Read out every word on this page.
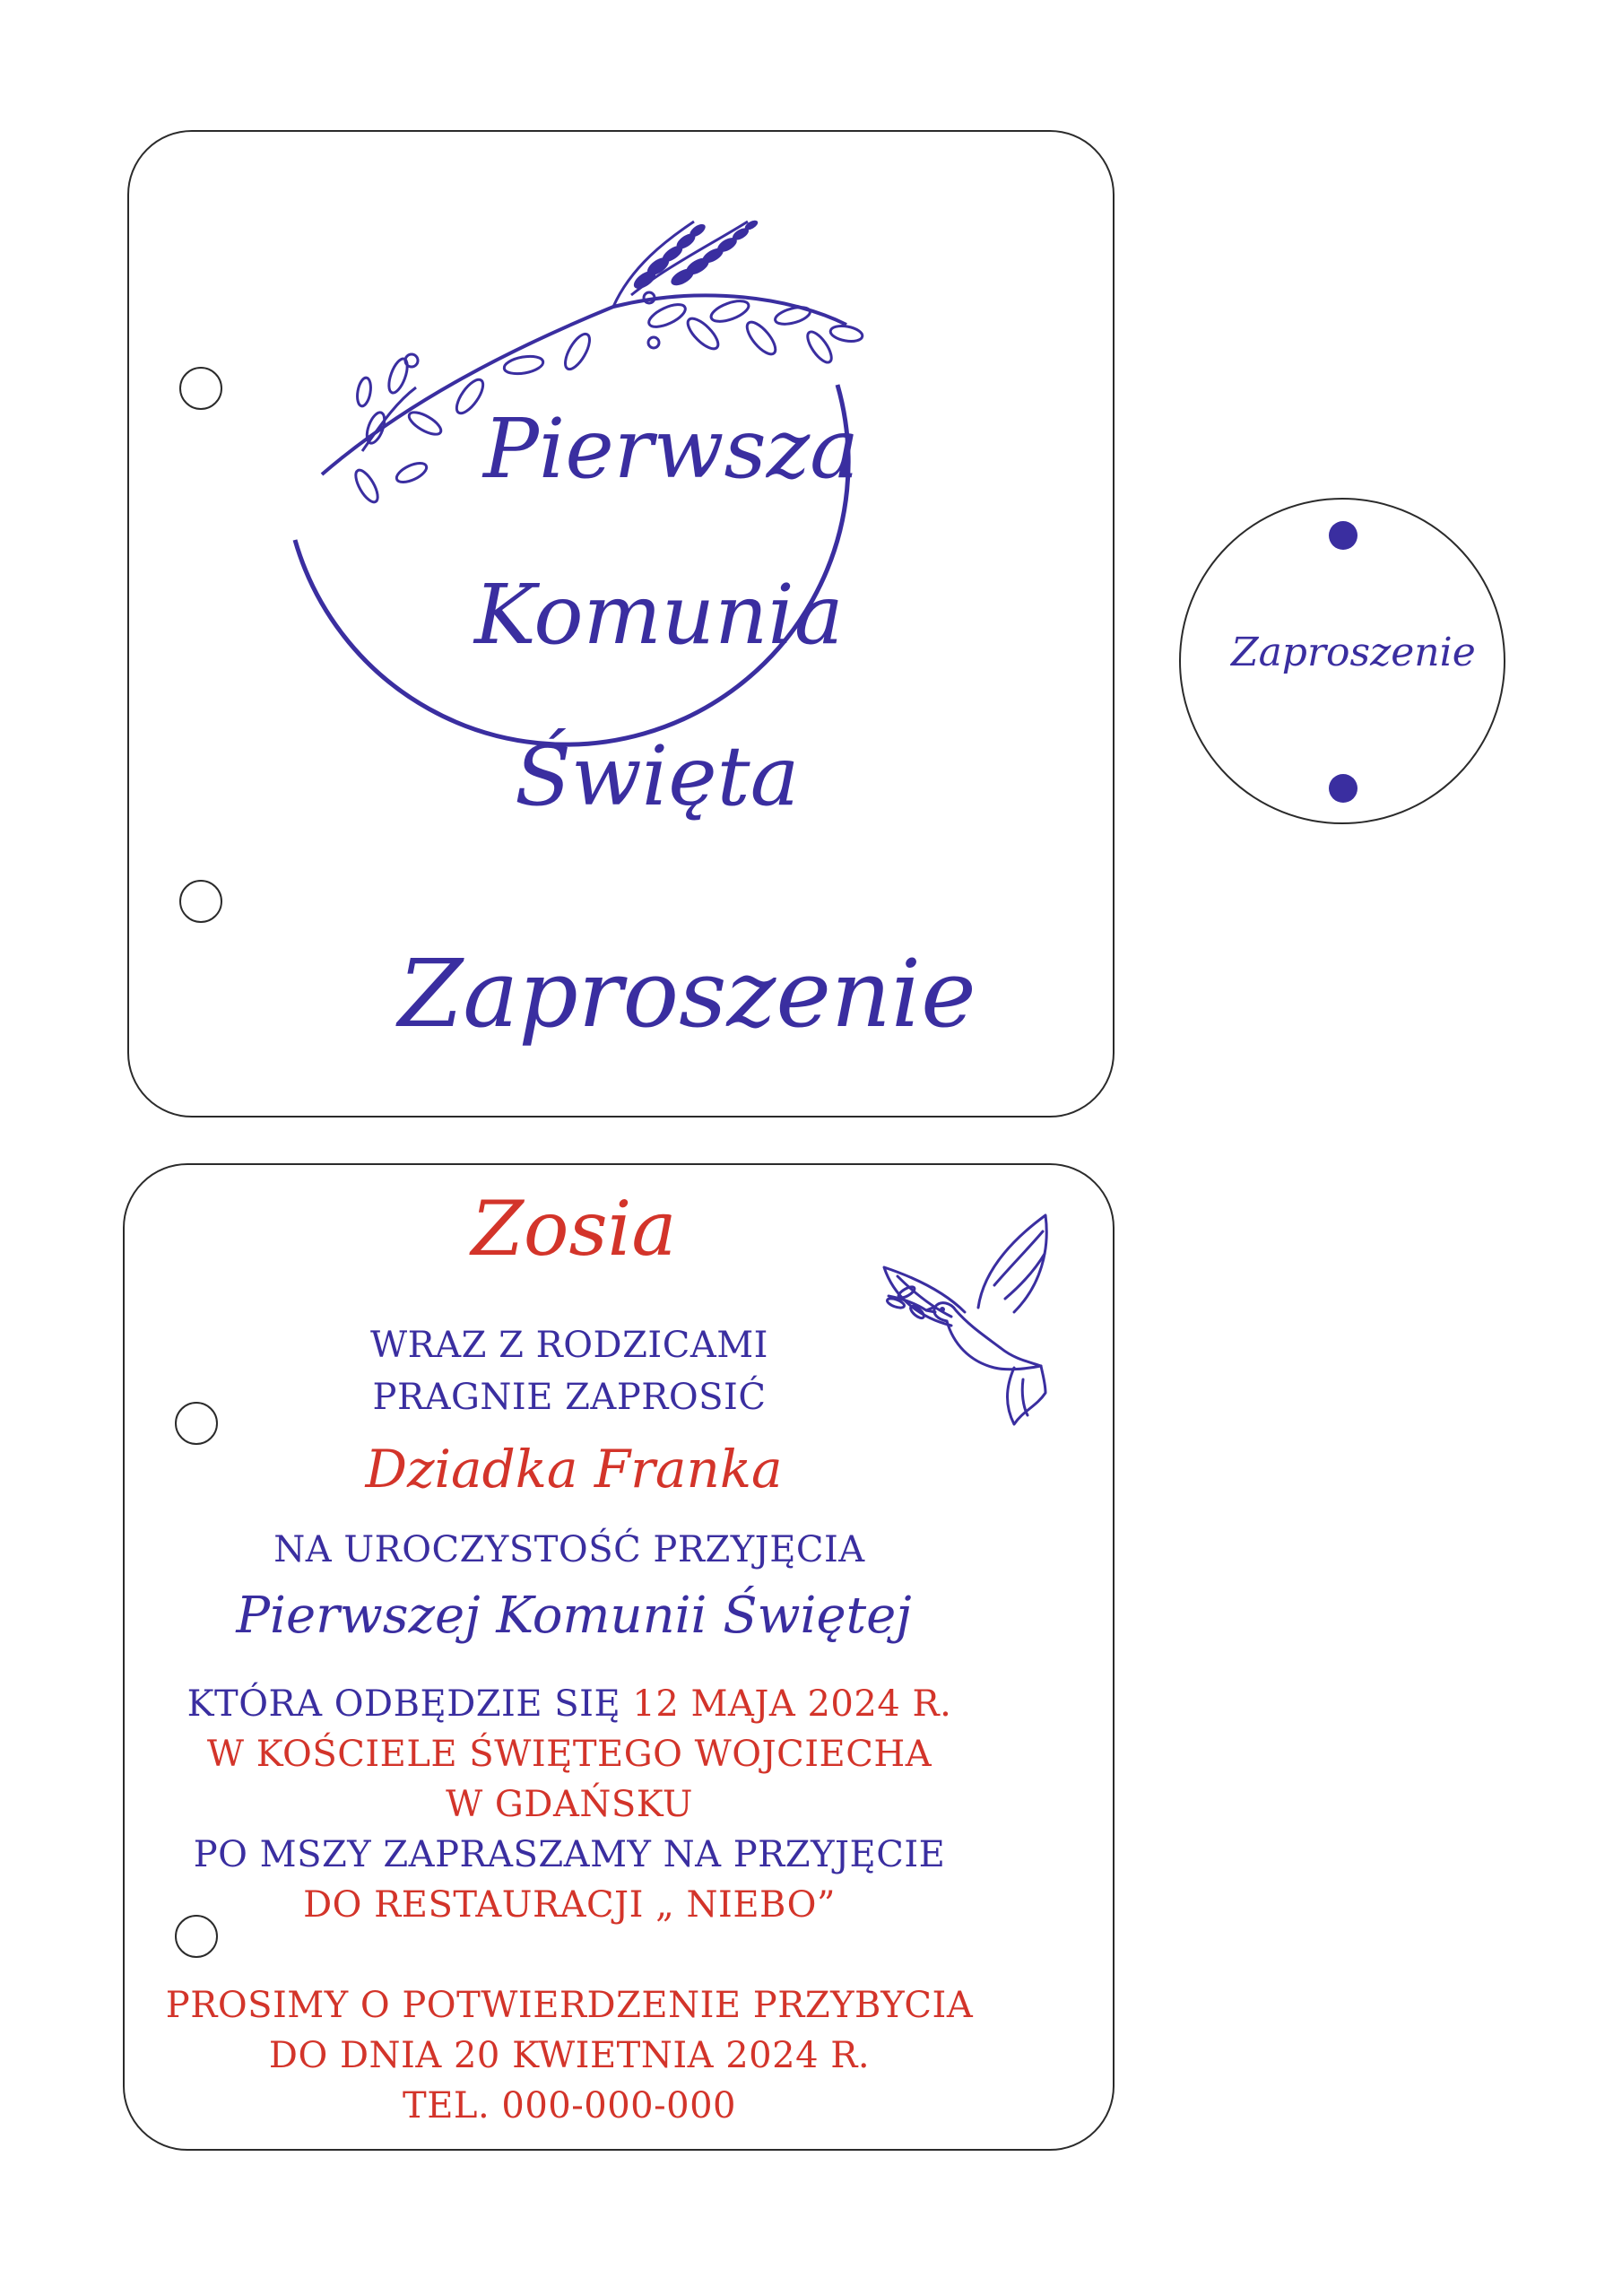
Pierwsza
Komunia
Święta
Zaproszenie
Zaproszenie
Zosia
WRAZ Z RODZICAMI
PRAGNIE ZAPROSIĆ
Dziadka Franka
NA UROCZYSTOŚĆ PRZYJĘCIA
Pierwszej Komunii Świętej
KTÓRA ODBĘDZIE SIĘ 12 MAJA 2024 R.
W KOŚCIELE ŚWIĘTEGO WOJCIECHA
W GDAŃSKU
PO MSZY ZAPRASZAMY NA PRZYJĘCIE
DO RESTAURACJI „ NIEBO”
PROSIMY O POTWIERDZENIE PRZYBYCIA
DO DNIA 20 KWIETNIA 2024 R.
TEL. 000-000-000
